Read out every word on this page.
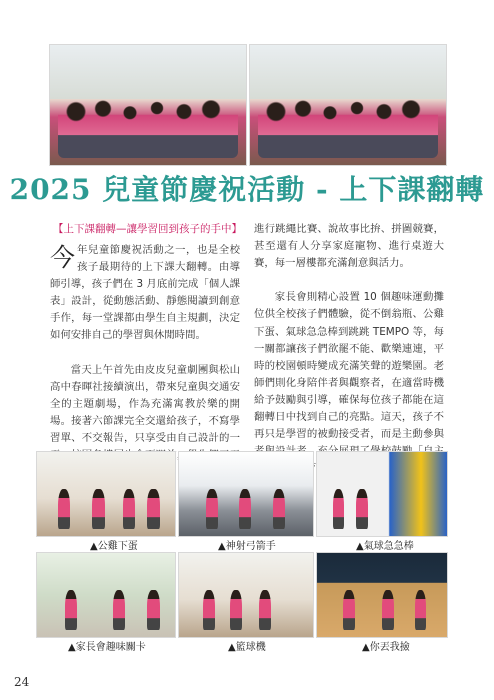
2025 兒童節慶祝活動 - 上下課翻轉
【上下課翻轉—讓學習回到孩子的手中】

今年兒童節慶祝活動之一，也是全校孩子最期待的上下課大翻轉。由導師引導，孩子們在 3 月底前完成「個人課表」設計，從動態活動、靜態閱讀到創意手作，每一堂課都由學生自主規劃，決定如何安排自己的學習與休閒時間。

當天上午首先由皮皮兒童劇團與松山高中春暉社接續演出，帶來兒童與交通安全的主題劇場，作為充滿寓教於樂的開場。接著六節課完全交還給孩子，不寫學習單、不交報告，只享受由自己設計的一

進行跳繩比賽、說故事比拚、拼圖競賽，甚至還有人分享家庭寵物、進行桌遊大賽，每一層樓都充滿創意與活力。

家長會則精心設置 10 個趣味運動攤位供全校孩子們體驗，從不倒翁瓶、公雞下蛋、氣球急急棒到跳跳 TEMPO 等，每一關都讓孩子們欲罷不能、歡樂連連，平時的校園頓時變成充滿笑聲的遊樂園。老師們則化身陪伴者與觀察者，在適當時機給予鼓勵與引導，確保每位孩子都能在這翻轉日中找到自己的亮點。這天，孩子不再只是學習的被動接受者，而是主動參與

▲公雞下蛋	▲神射弓箭手	▲氣球急急棒
▲家長會趣味關卡	▲籃球機	▲你丟我撿
24
